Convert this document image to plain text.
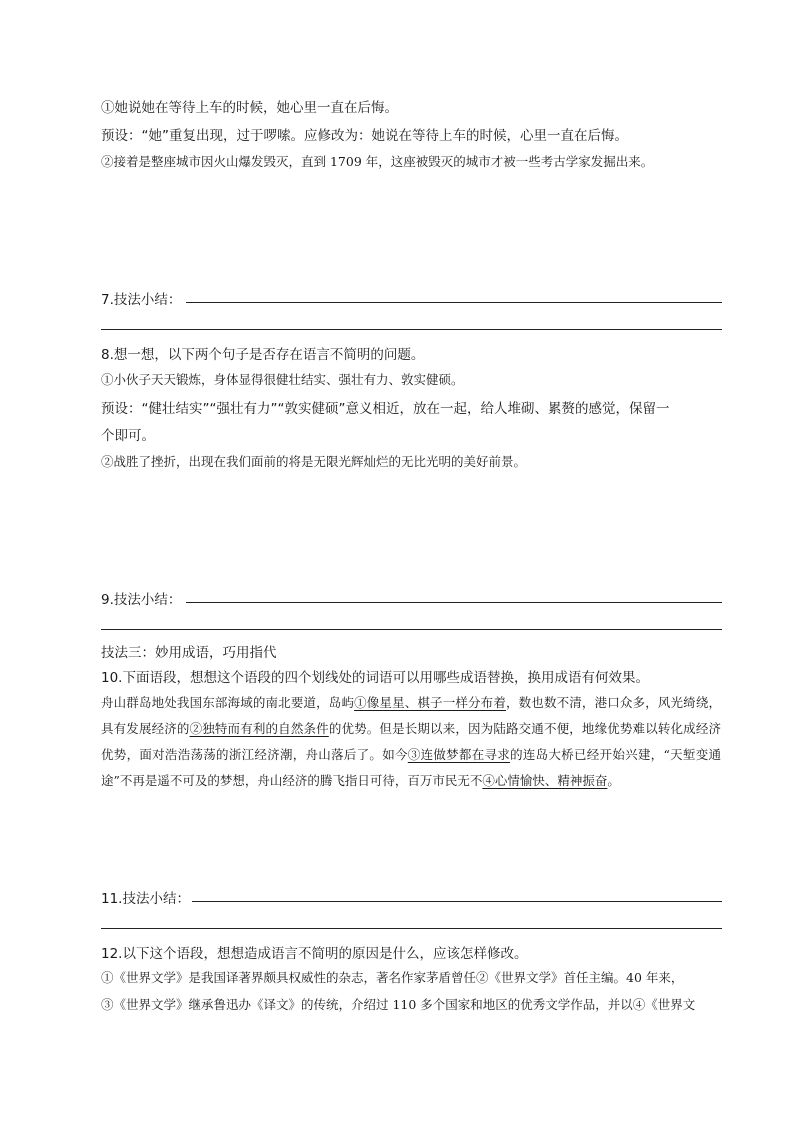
①她说她在等待上车的时候，她心里一直在后悔。
预设：“她”重复出现，过于啰嗦。应修改为：她说在等待上车的时候，心里一直在后悔。
②接着是整座城市因火山爆发毁灭，直到 1709 年，这座被毁灭的城市才被一些考古学家发掘出来。
7.技法小结：
8.想一想，以下两个句子是否存在语言不简明的问题。
①小伙子天天锻炼，身体显得很健壮结实、强壮有力、敦实健硕。
预设：“健壮结实”“强壮有力”“敦实健硕”意义相近，放在一起，给人堆砌、累赘的感觉，保留一
个即可。
②战胜了挫折，出现在我们面前的将是无限光辉灿烂的无比光明的美好前景。
9.技法小结：
技法三：妙用成语，巧用指代
10.下面语段，想想这个语段的四个划线处的词语可以用哪些成语替换，换用成语有何效果。
舟山群岛地处我国东部海域的南北要道，岛屿①像星星、棋子一样分布着，数也数不清，港口众多，风光绮绕，具有发展经济的②独特而有利的自然条件的优势。但是长期以来，因为陆路交通不便，地缘优势难以转化成经济优势，面对浩浩荡荡的浙江经济潮，舟山落后了。如今③连做梦都在寻求的连岛大桥已经开始兴建，“天堑变通途”不再是遥不可及的梦想，舟山经济的腾飞指日可待，百万市民无不④心情愉快、精神振奋。
11.技法小结：
12.以下这个语段，想想造成语言不简明的原因是什么，应该怎样修改。
①《世界文学》是我国译著界颇具权威性的杂志，著名作家茅盾曾任②《世界文学》首任主编。40 年来，
③《世界文学》继承鲁迅办《译文》的传统，介绍过 110 多个国家和地区的优秀文学作品，并以④《世界文
